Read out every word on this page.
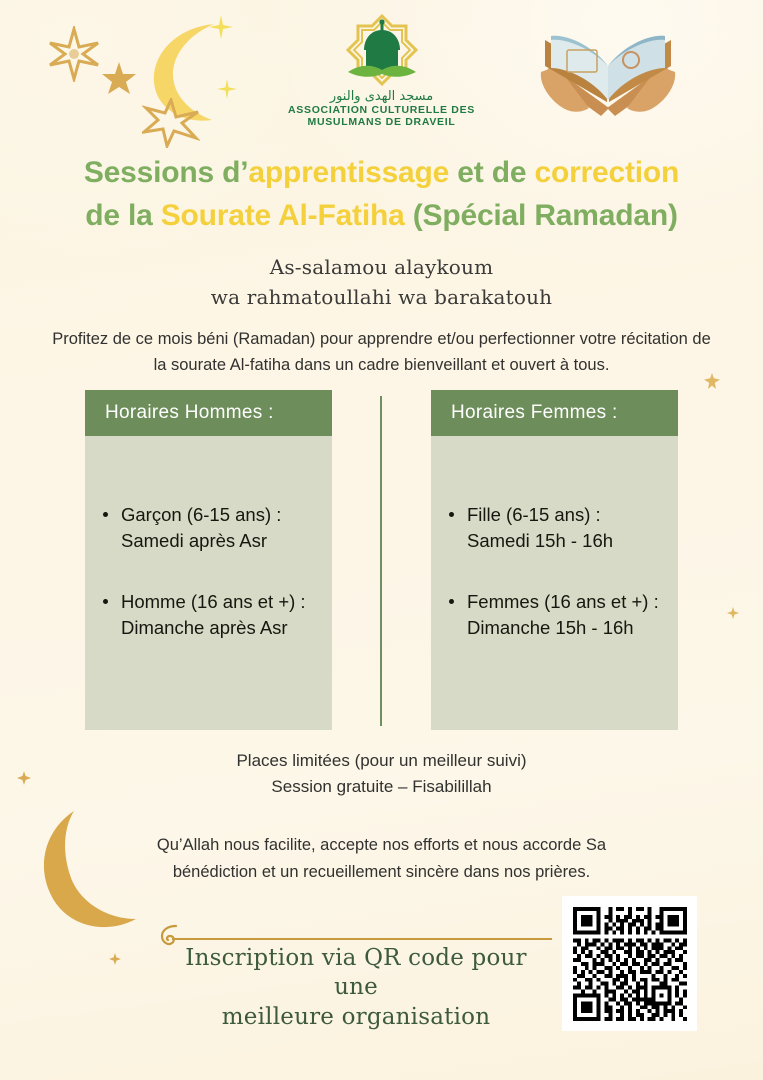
مسجد الهدى والنور
ASSOCIATION CULTURELLE DES
MUSULMANS DE DRAVEIL
Sessions d’apprentissage et de correction
de la Sourate Al-Fatiha (Spécial Ramadan)
As-salamou alaykoum
wa rahmatoullahi wa barakatouh
Profitez de ce mois béni (Ramadan) pour apprendre et/ou perfectionner votre récitation de la sourate Al-fatiha dans un cadre bienveillant et ouvert à tous.
Horaires Hommes :
Garçon (6-15 ans) : Samedi après Asr
Homme (16 ans et +) : Dimanche après Asr
Horaires Femmes :
Fille (6-15 ans) : Samedi 15h - 16h
Femmes (16 ans et +) : Dimanche 15h - 16h
Places limitées (pour un meilleur suivi)
Session gratuite – Fisabilillah
Qu’Allah nous facilite, accepte nos efforts et nous accorde Sa bénédiction et un recueillement sincère dans nos prières.
Inscription via QR code pour une
meilleure organisation
